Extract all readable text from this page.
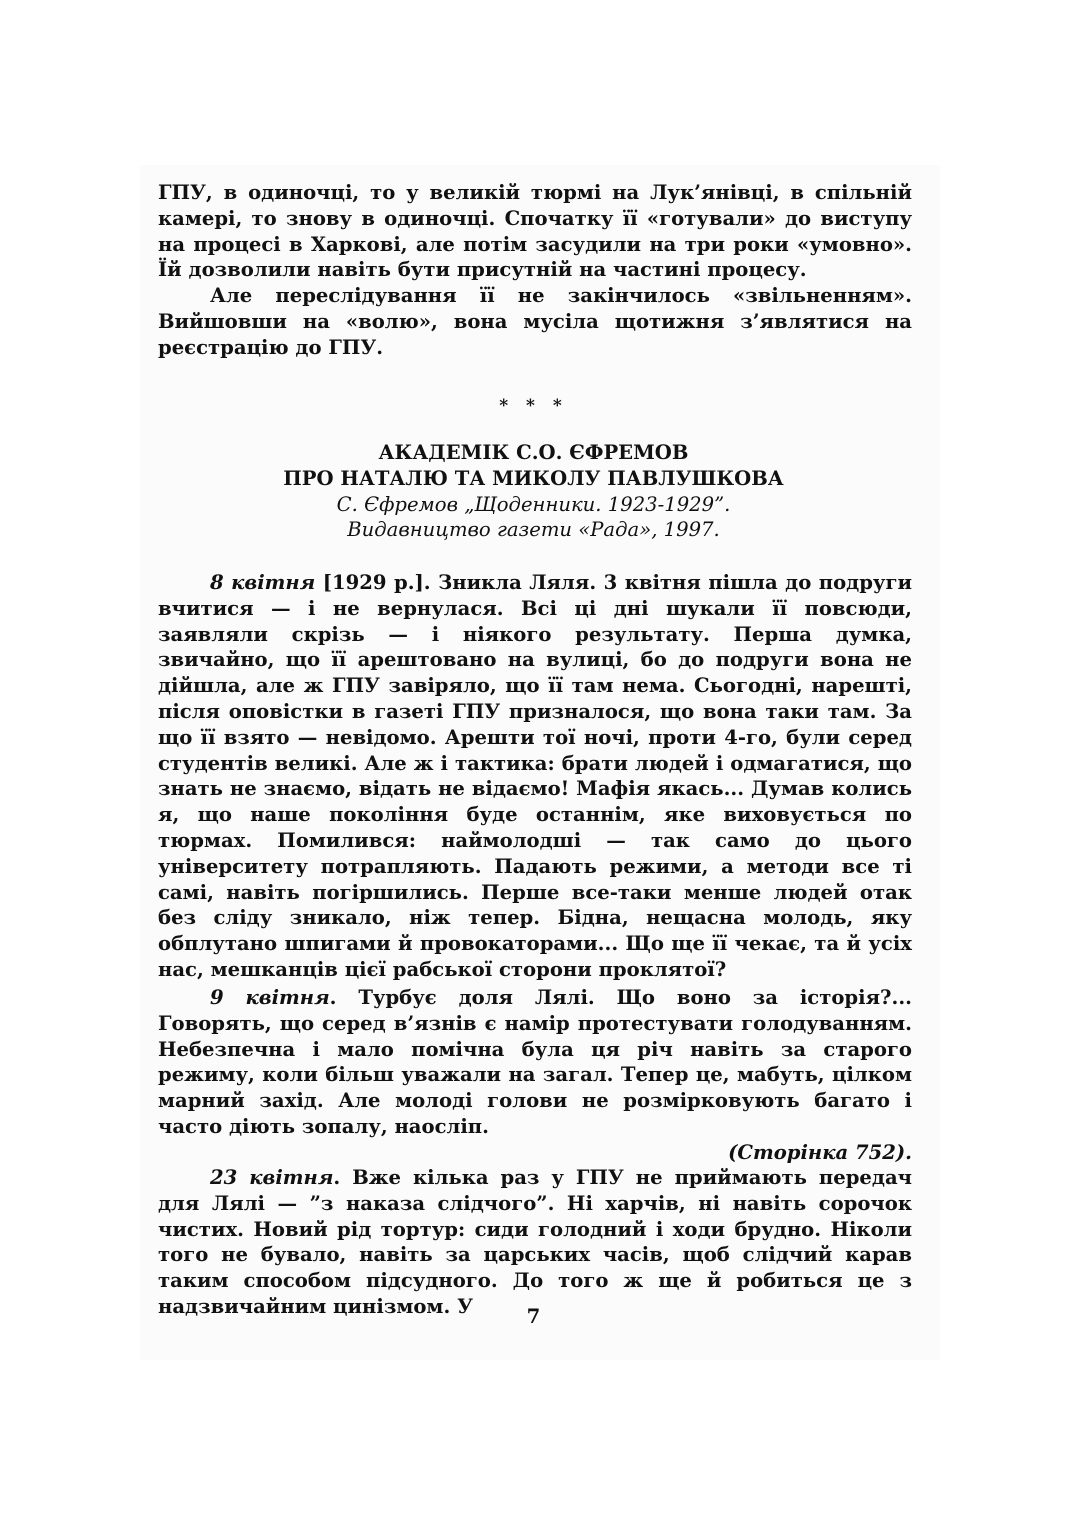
ГПУ, в одиночці, то у великій тюрмі на Лук’янівці, в спільній камері, то знову в одиночці. Спочатку її «готували» до виступу на процесі в Харкові, але потім засудили на три роки «умовно». Їй дозволили навіть бути присутній на частині процесу.

Але переслідування її не закінчилось «звільненням». Вийшовши на «волю», вона мусіла щотижня з’являтися на реєстрацію до ГПУ.

* * *
АКАДЕМІК С.О. ЄФРЕМОВ
ПРО НАТАЛЮ ТА МИКОЛУ ПАВЛУШКОВА
С. Єфремов „Щоденники. 1923-1929”.
Видавництво газети «Рада», 1997.

8 квітня [1929 р.]. Зникла Ляля. 3 квітня пішла до подруги вчитися — і не вернулася. Всі ці дні шукали її повсюди, заявляли скрізь — і ніякого результату. Перша думка, звичайно, що її арештовано на вулиці, бо до подруги вона не дійшла, але ж ГПУ завіряло, що її там нема. Сьогодні, нарешті, після оповістки в газеті ГПУ призналося, що вона таки там. За що її взято — невідомо. Арешти тої ночі, проти 4-го, були серед студентів великі. Але ж і тактика: брати людей і одмагатися, що знать не знаємо, відать не відаємо! Мафія якась... Думав колись я, що наше покоління буде останнім, яке виховується по тюрмах. Помилився: наймолодші — так само до цього університету потрапляють. Падають режими, а методи все ті самі, навіть погіршились. Перше все-таки менше людей отак без сліду зникало, ніж тепер. Бідна, нещасна молодь, яку обплутано шпигами й провокаторами... Що ще її чекає, та й усіх нас, мешканців цієї рабської сторони проклятої?

9 квітня. Турбує доля Лялі. Що воно за історія?... Говорять, що серед в’язнів є намір протестувати голодуванням. Небезпечна і мало помічна була ця річ навіть за старого режиму, коли більш уважали на загал. Тепер це, мабуть, цілком марний захід. Але молоді голови не розмірковують багато і часто діють зопалу, наосліп.

(Сторінка 752).

23 квітня. Вже кілька раз у ГПУ не приймають передач для Лялі — ”з наказа слідчого”. Ні харчів, ні навіть сорочок чистих. Новий рід тортур: сиди голодний і ходи брудно. Ніколи того не бувало, навіть за царських часів, щоб слідчий карав таким способом підсудного. До того ж ще й робиться це з надзвичайним цинізмом. У	7
